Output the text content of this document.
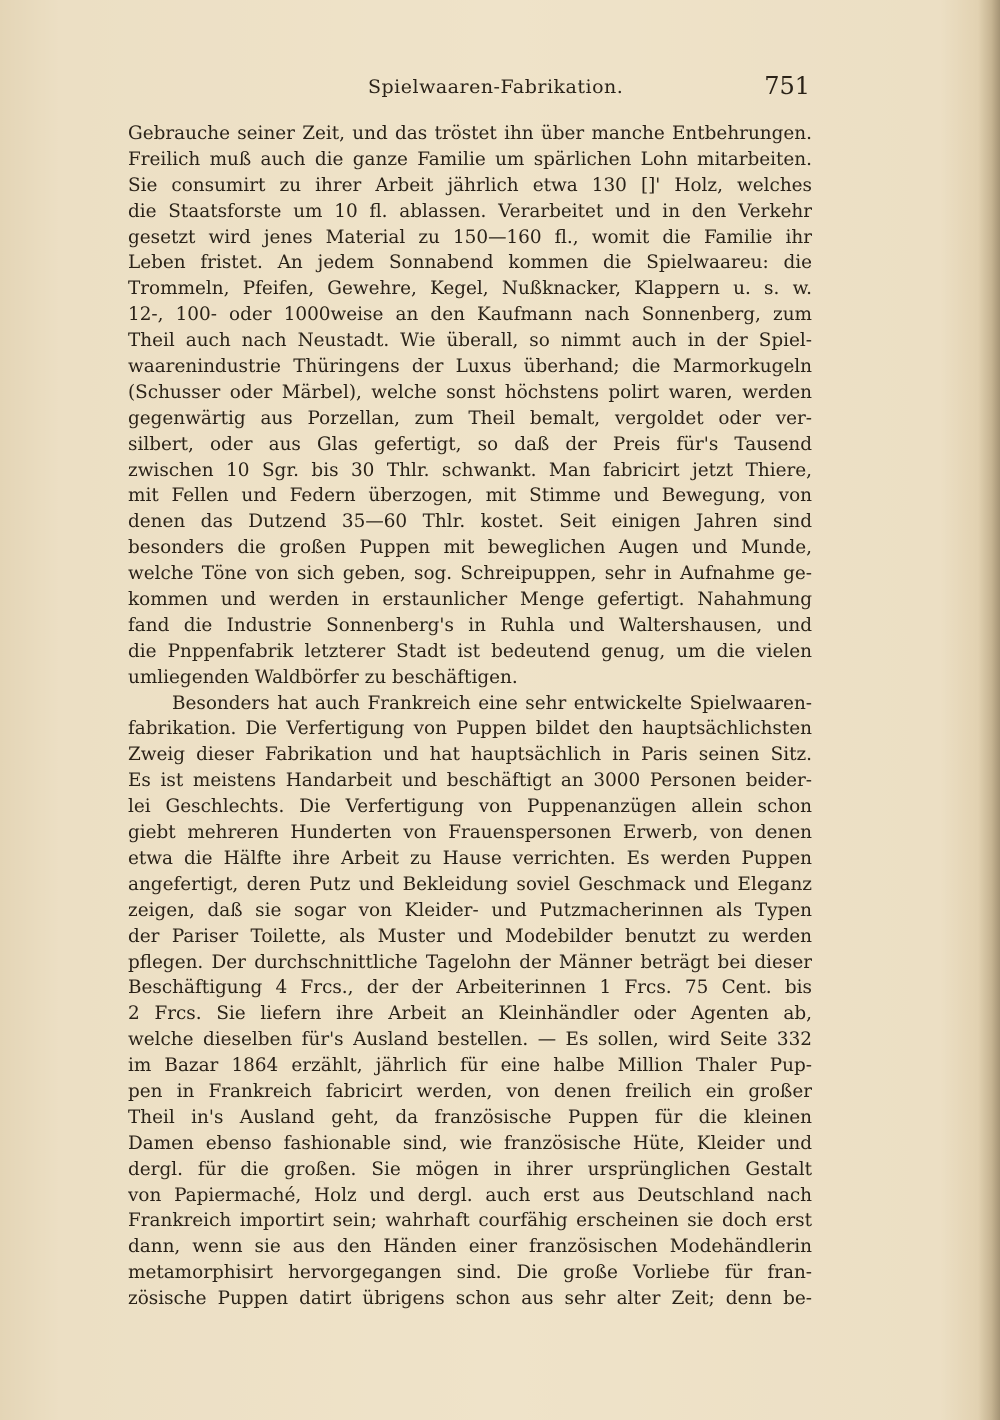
Spielwaaren-Fabrikation.	751
Gebrauche seiner Zeit, und das tröstet ihn über manche Entbehrungen.
Freilich muß auch die ganze Familie um spärlichen Lohn mitarbeiten.
Sie consumirt zu ihrer Arbeit jährlich etwa 130 []' Holz, welches
die Staatsforste um 10 fl. ablassen. Verarbeitet und in den Verkehr
gesetzt wird jenes Material zu 150—160 fl., womit die Familie ihr
Leben fristet. An jedem Sonnabend kommen die Spielwaareu: die
Trommeln, Pfeifen, Gewehre, Kegel, Nußknacker, Klappern u. s. w.
12-, 100- oder 1000weise an den Kaufmann nach Sonnenberg, zum
Theil auch nach Neustadt. Wie überall, so nimmt auch in der Spiel-
waarenindustrie Thüringens der Luxus überhand; die Marmorkugeln
(Schusser oder Märbel), welche sonst höchstens polirt waren, werden
gegenwärtig aus Porzellan, zum Theil bemalt, vergoldet oder ver-
silbert, oder aus Glas gefertigt, so daß der Preis für's Tausend
zwischen 10 Sgr. bis 30 Thlr. schwankt. Man fabricirt jetzt Thiere,
mit Fellen und Federn überzogen, mit Stimme und Bewegung, von
denen das Dutzend 35—60 Thlr. kostet. Seit einigen Jahren sind
besonders die großen Puppen mit beweglichen Augen und Munde,
welche Töne von sich geben, sog. Schreipuppen, sehr in Aufnahme ge-
kommen und werden in erstaunlicher Menge gefertigt. Nahahmung
fand die Industrie Sonnenberg's in Ruhla und Waltershausen, und
die Pnppenfabrik letzterer Stadt ist bedeutend genug, um die vielen
umliegenden Waldbörfer zu beschäftigen.
Besonders hat auch Frankreich eine sehr entwickelte Spielwaaren-
fabrikation. Die Verfertigung von Puppen bildet den hauptsächlichsten
Zweig dieser Fabrikation und hat hauptsächlich in Paris seinen Sitz.
Es ist meistens Handarbeit und beschäftigt an 3000 Personen beider-
lei Geschlechts. Die Verfertigung von Puppenanzügen allein schon
giebt mehreren Hunderten von Frauenspersonen Erwerb, von denen
etwa die Hälfte ihre Arbeit zu Hause verrichten. Es werden Puppen
angefertigt, deren Putz und Bekleidung soviel Geschmack und Eleganz
zeigen, daß sie sogar von Kleider- und Putzmacherinnen als Typen
der Pariser Toilette, als Muster und Modebilder benutzt zu werden
pflegen. Der durchschnittliche Tagelohn der Männer beträgt bei dieser
Beschäftigung 4 Frcs., der der Arbeiterinnen 1 Frcs. 75 Cent. bis
2 Frcs. Sie liefern ihre Arbeit an Kleinhändler oder Agenten ab,
welche dieselben für's Ausland bestellen. — Es sollen, wird Seite 332
im Bazar 1864 erzählt, jährlich für eine halbe Million Thaler Pup-
pen in Frankreich fabricirt werden, von denen freilich ein großer
Theil in's Ausland geht, da französische Puppen für die kleinen
Damen ebenso fashionable sind, wie französische Hüte, Kleider und
dergl. für die großen. Sie mögen in ihrer ursprünglichen Gestalt
von Papiermaché, Holz und dergl. auch erst aus Deutschland nach
Frankreich importirt sein; wahrhaft courfähig erscheinen sie doch erst
dann, wenn sie aus den Händen einer französischen Modehändlerin
metamorphisirt hervorgegangen sind. Die große Vorliebe für fran-
zösische Puppen datirt übrigens schon aus sehr alter Zeit; denn be-
